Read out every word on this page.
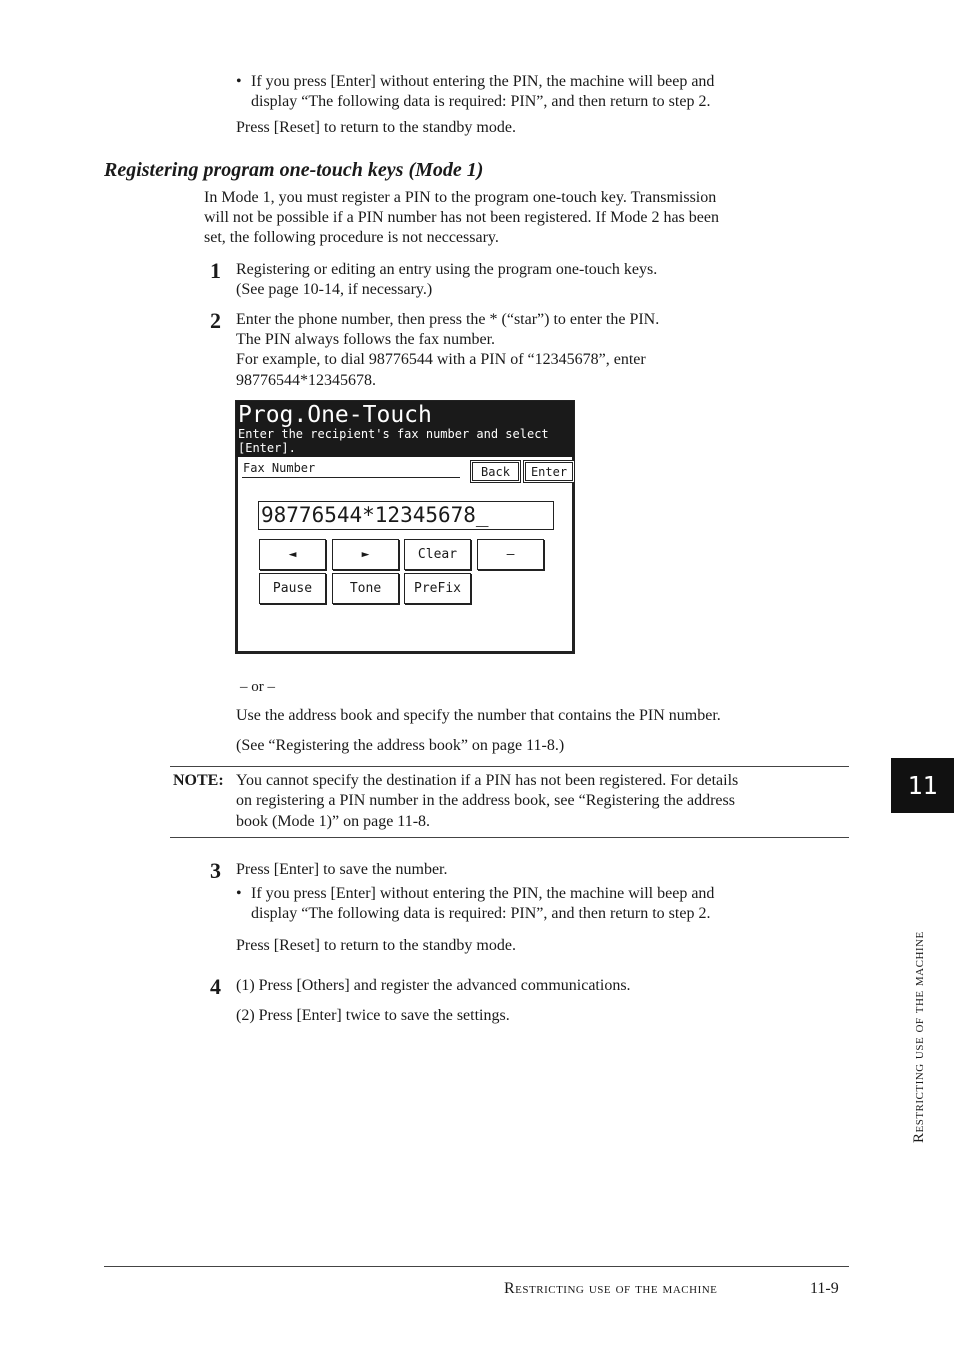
• If you press [Enter] without entering the PIN, the machine will beep and
display “The following data is required: PIN”, and then return to step 2.
Press [Reset] to return to the standby mode.
Registering program one-touch keys (Mode 1)
In Mode 1, you must register a PIN to the program one-touch key. Transmission
will not be possible if a PIN number has not been registered. If Mode 2 has been
set, the following procedure is not neccessary.
1 Registering or editing an entry using the program one-touch keys.
(See page 10-14, if necessary.)
2 Enter the phone number, then press the * (“star”) to enter the PIN.
The PIN always follows the fax number.
For example, to dial 98776544 with a PIN of “12345678”, enter
98776544*12345678.
Prog.One-Touch
Enter the recipient's fax number and select
[Enter].
Fax Number	Back	Enter
98776544*12345678_
◄	►	Clear	–
Pause	Tone	PreFix
– or –
Use the address book and specify the number that contains the PIN number.
(See “Registering the address book” on page 11-8.)
NOTE: You cannot specify the destination if a PIN has not been registered. For details
on registering a PIN number in the address book, see “Registering the address
book (Mode 1)” on page 11-8.
3 Press [Enter] to save the number.
• If you press [Enter] without entering the PIN, the machine will beep and
display “The following data is required: PIN”, and then return to step 2.
Press [Reset] to return to the standby mode.
4 (1) Press [Others] and register the advanced communications.
(2) Press [Enter] twice to save the settings.
11
Restricting use of the machine
Restricting use of the machine	11-9
